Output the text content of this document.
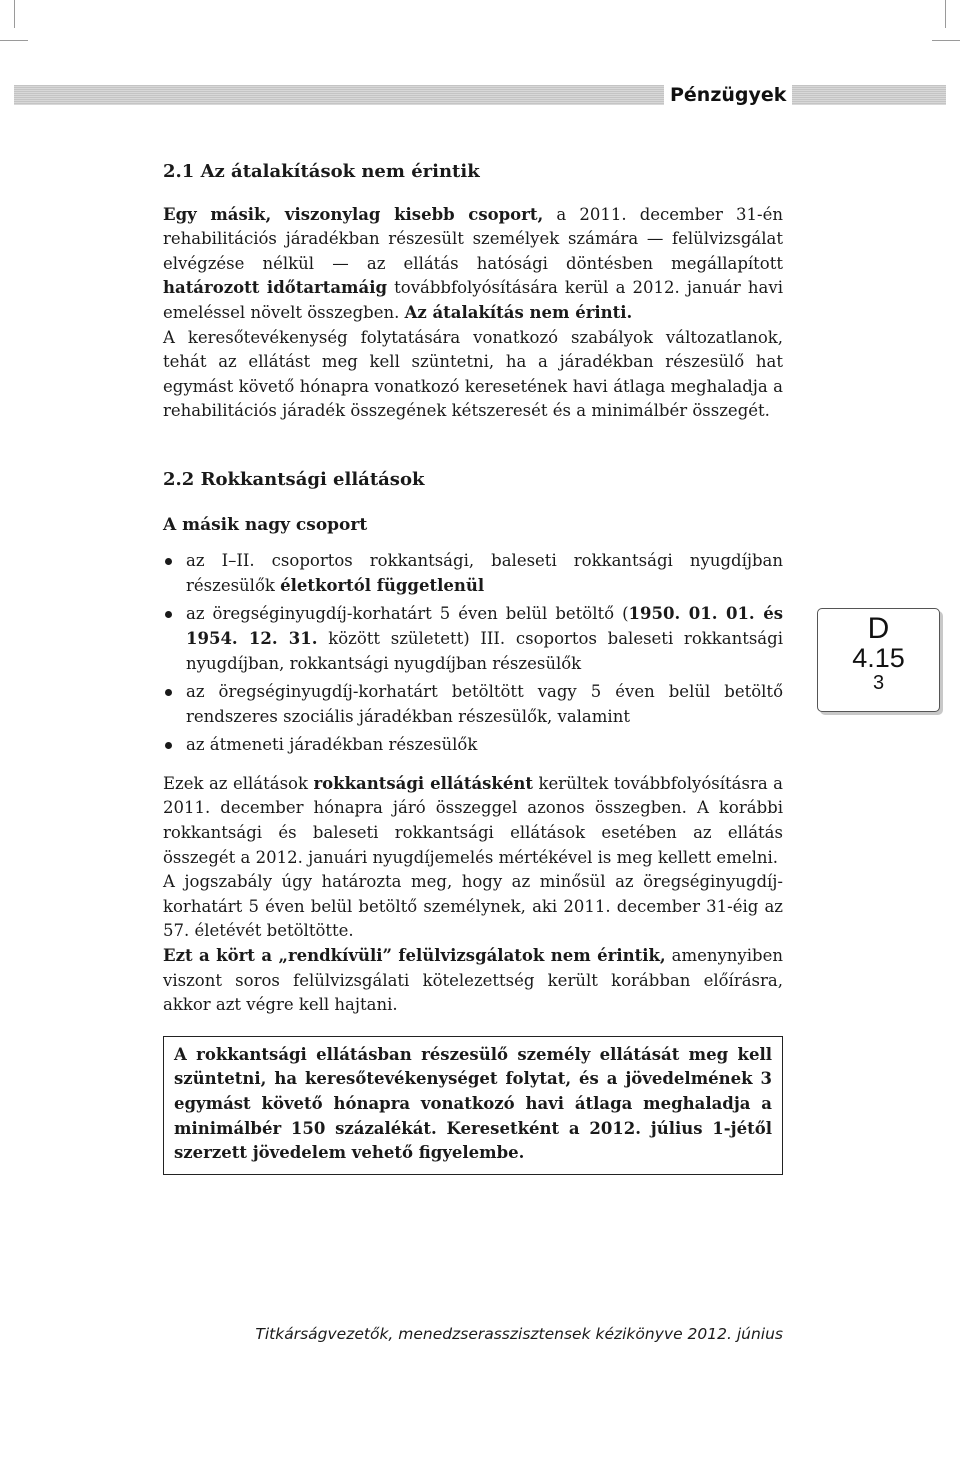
Pénzügyek
2.1 Az átalakítások nem érintik

Egy másik, viszonylag kisebb csoport, a 2011. december 31-én rehabilitációs járadékban részesült személyek számára — felülvizsgálat elvégzése nélkül — az ellátás hatósági döntésben megállapított határozott időtartamáig továbbfolyósítására kerül a 2012. január havi emeléssel növelt összegben. Az átalakítás nem érinti.

A keresőtevékenység folytatására vonatkozó szabályok változatlanok, tehát az ellátást meg kell szüntetni, ha a járadékban részesülő hat egymást követő hónapra vonatkozó keresetének havi átlaga meghaladja a rehabilitációs járadék összegének kétszeresét és a minimálbér összegét.

2.2 Rokkantsági ellátások
A másik nagy csoport
az I–II. csoportos rokkantsági, baleseti rokkantsági nyugdíjban részesülők életkortól függetlenül
az öregséginyugdíj-korhatárt 5 éven belül betöltő (1950. 01. 01. és 1954. 12. 31. között született) III. csoportos baleseti rokkantsági nyugdíjban, rokkantsági nyugdíjban részesülők
az öregséginyugdíj-korhatárt betöltött vagy 5 éven belül betöltő rendszeres szociális járadékban részesülők, valamint
az átmeneti járadékban részesülők

Ezek az ellátások rokkantsági ellátásként kerültek továbbfolyósításra a 2011. december hónapra járó összeggel azonos összegben. A korábbi rokkantsági és baleseti rokkantsági ellátások esetében az ellátás összegét a 2012. januári nyugdíjemelés mértékével is meg kellett emelni.

A jogszabály úgy határozta meg, hogy az minősül az öregséginyugdíj-korhatárt 5 éven belül betöltő személynek, aki 2011. december 31-éig az 57. életévét betöltötte.

Ezt a kört a „rendkívüli” felülvizsgálatok nem érintik, amenynyiben viszont soros felülvizsgálati kötelezettség került korábban előírásra, akkor azt végre kell hajtani.

A rokkantsági ellátásban részesülő személy ellátását meg kell szüntetni, ha keresőtevékenységet folytat, és a jövedelmének 3 egymást követő hónapra vonatkozó havi átlaga meghaladja a minimálbér 150 százalékát. Keresetként a 2012. július 1-jétől szerzett jövedelem vehető figyelembe.
D
4.15
3
Titkárságvezetők, menedzserasszisztensek kézikönyve 2012. június
